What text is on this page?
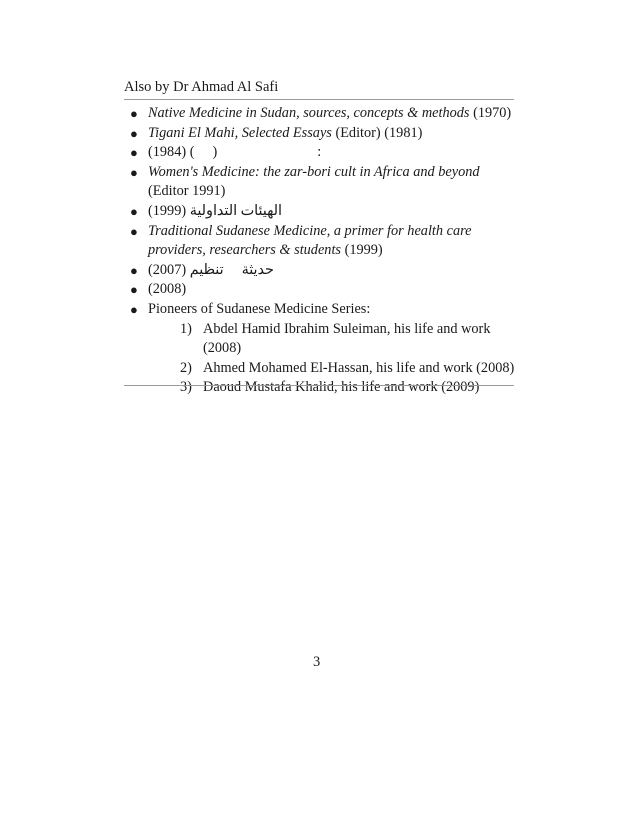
Also by Dr Ahmad Al Safi
● Native Medicine in Sudan, sources, concepts & methods (1970)
● Tigani El Mahi, Selected Essays (Editor) (1981)
● (1984) ( )	:
● Women's Medicine: the zar-bori cult in Africa and beyond
(Editor 1991)
● (1999) الهيئات التداولية
● Traditional Sudanese Medicine, a primer for health care providers, researchers & students (1999)
● (2007)	حديثةتنظيم
● (2008)
● Pioneers of Sudanese Medicine Series:
1) Abdel Hamid Ibrahim Suleiman, his life and work (2008)
2) Ahmed Mohamed El-Hassan, his life and work (2008)
3) Daoud Mustafa Khalid, his life and work (2009)
3
